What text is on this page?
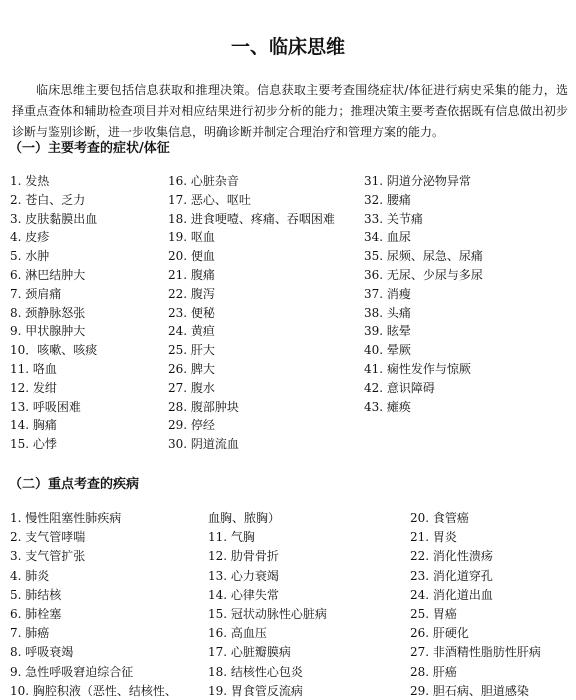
一、临床思维
临床思维主要包括信息获取和推理决策。信息获取主要考查围绕症状/体征进行病史采集的能力，选择重点查体和辅助检查项目并对相应结果进行初步分析的能力；推理决策主要考查依据既有信息做出初步诊断与鉴别诊断，进一步收集信息，明确诊断并制定合理治疗和管理方案的能力。
（一）主要考查的症状/体征
1. 发热	16. 心脏杂音	31. 阴道分泌物异常
2. 苍白、乏力	17. 恶心、呕吐	32. 腰痛
3. 皮肤黏膜出血	18. 进食哽噎、疼痛、吞咽困难 33. 关节痛
4. 皮疹	19. 呕血	34. 血尿
5. 水肿	20. 便血	35. 尿频、尿急、尿痛
6. 淋巴结肿大	21. 腹痛	36. 无尿、少尿与多尿
7. 颈肩痛	22. 腹泻	37. 消瘦
8. 颈静脉怒张	23. 便秘	38. 头痛
9. 甲状腺肿大	24. 黄疸	39. 眩晕
10．咳嗽、咳痰	25. 肝大	40. 晕厥
11. 咯血	26. 脾大	41. 痫性发作与惊厥
12. 发绀	27. 腹水	42. 意识障碍
13. 呼吸困难	28. 腹部肿块	43. 瘫痪
14. 胸痛	29. 停经
15. 心悸	30. 阴道流血
（二）重点考查的疾病
1. 慢性阻塞性肺疾病	血胸、脓胸）	20. 食管癌
2. 支气管哮喘	11. 气胸	21. 胃炎
3. 支气管扩张	12. 肋骨骨折	22. 消化性溃疡
4. 肺炎	13. 心力衰竭	23. 消化道穿孔
5. 肺结核	14. 心律失常	24. 消化道出血
6. 肺栓塞	15. 冠状动脉性心脏病	25. 胃癌
7. 肺癌	16. 高血压	26. 肝硬化
8. 呼吸衰竭	17. 心脏瓣膜病	27. 非酒精性脂肪性肝病
9. 急性呼吸窘迫综合征	18. 结核性心包炎	28. 肝癌
10. 胸腔积液（恶性、结核性、	19. 胃食管反流病	29. 胆石病、胆道感染
